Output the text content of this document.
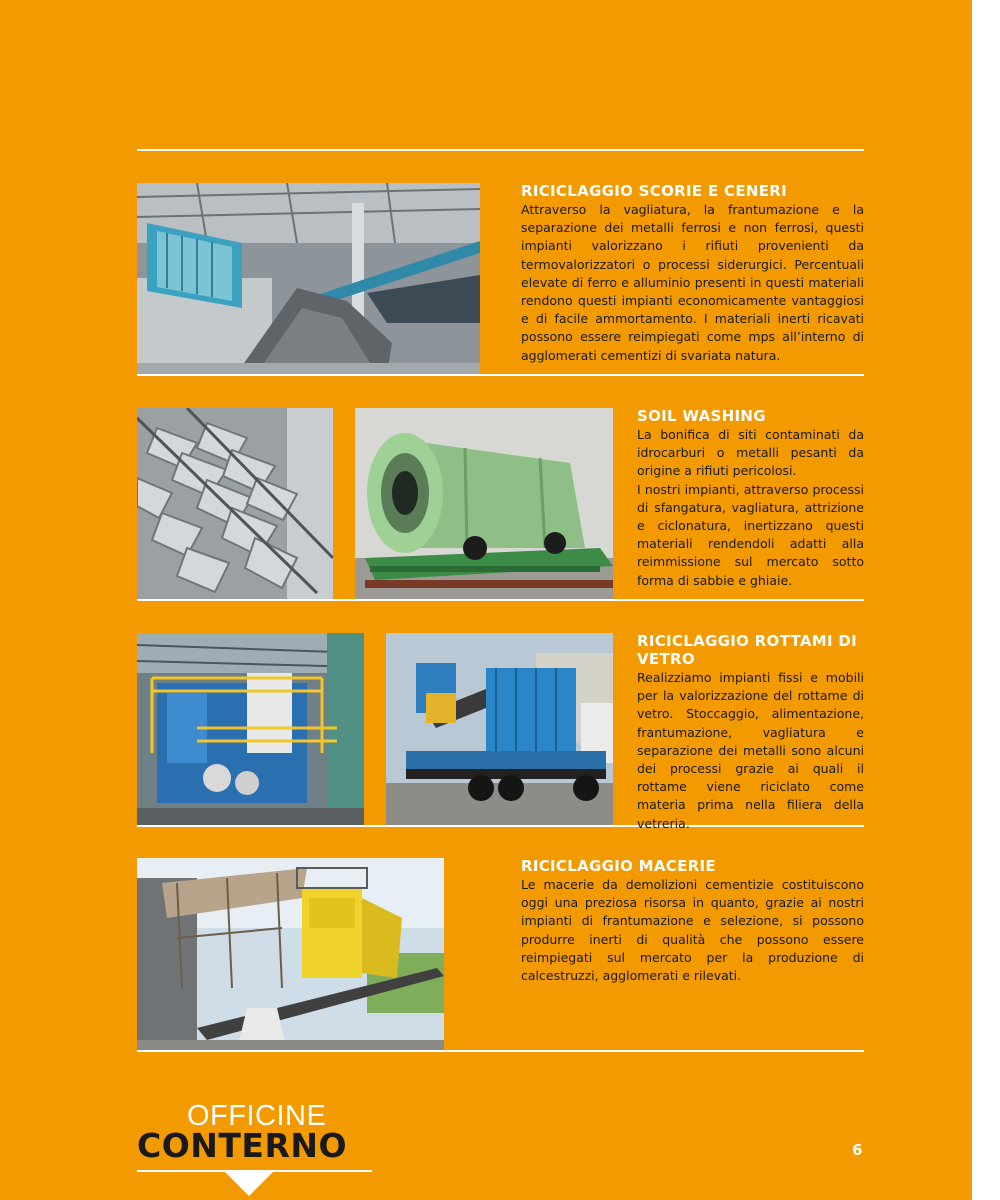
RICICLAGGIO SCORIE E CENERI

Attraverso la vagliatura, la frantumazione e la separazione dei metalli ferrosi e non ferrosi, questi impianti valorizzano i rifiuti provenienti da termovalorizzatori o processi siderurgici. Percentuali elevate di ferro e alluminio presenti in questi materiali rendono questi impianti economicamente vantaggiosi e di facile ammortamento. I materiali inerti ricavati possono essere reimpiegati come mps all’interno di agglomerati cementizi di svariata natura.

SOIL WASHING

La bonifica di siti contaminati da idrocarburi o metalli pesanti da origine a rifiuti pericolosi.

I nostri impianti, attraverso processi di sfangatura, vagliatura, attrizione e ciclonatura, inertizzano questi materiali rendendoli adatti alla reimmissione sul mercato sotto forma di sabbie e ghiaie.

RICICLAGGIO ROTTAMI DI VETRO

Realizziamo impianti fissi e mobili per la valorizzazione del rottame di vetro. Stoccaggio, alimentazione, frantumazione, vagliatura e separazione dei metalli sono alcuni dei processi grazie ai quali il rottame viene riciclato come materia prima nella filiera della vetreria.

RICICLAGGIO MACERIE

Le macerie da demolizioni cementizie costituiscono oggi una preziosa risorsa in quanto, grazie ai nostri impianti di frantumazione e selezione, si possono produrre inerti di qualità che possono essere reimpiegati sul mercato per la produzione di calcestruzzi, agglomerati e rilevati.

OFFICINE
CONTERNO	6
